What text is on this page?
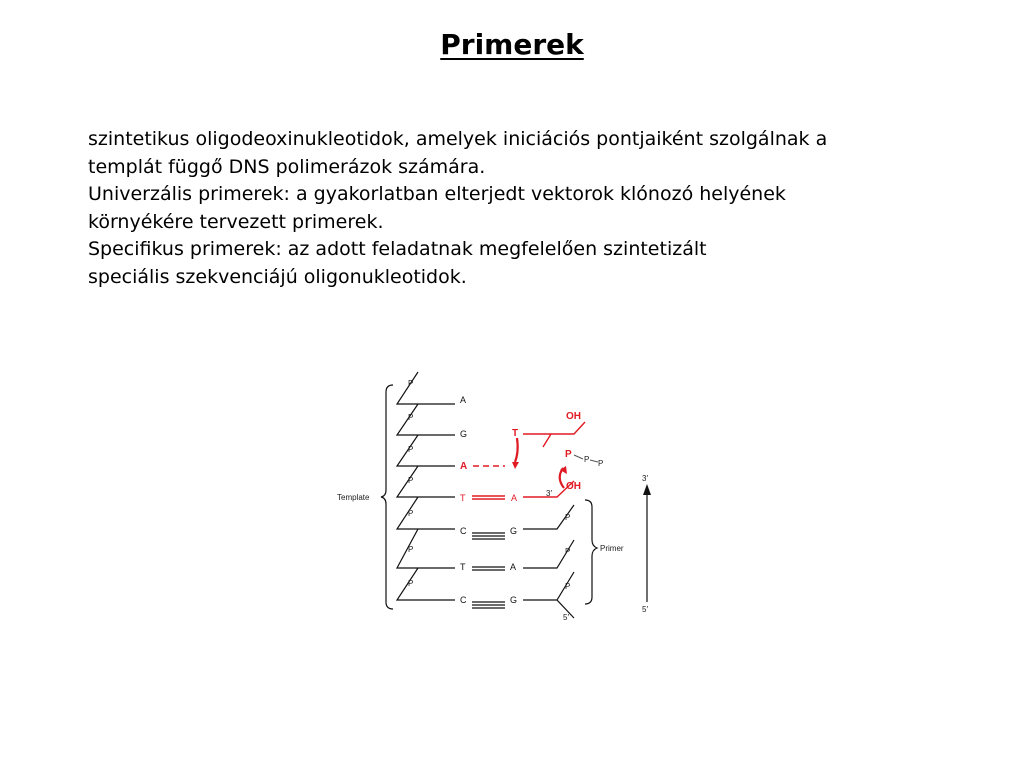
Primerek
szintetikus oligodeoxinukleotidok, amelyek iniciációs pontjaiként szolgálnak a
templát függő DNS polimerázok számára.
Univerzális primerek: a gyakorlatban elterjedt vektorok klónozó helyének
környékére tervezett primerek.
Specifikus primerek: az adott feladatnak megfelelően szintetizált
speciális szekvenciájú oligonukleotidok.
P
P
P
P
P
P
P
A
G
A
T
C
T
C
A
G
A
G
P
P
P
T
OH
P P P
OH
3′
5′
3′
5′
Template
Primer
